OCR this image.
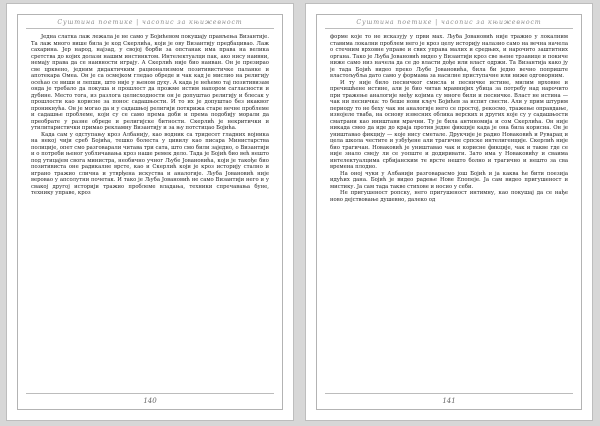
Суштина поетике | часопис за књижевност

Једна слатка лаж лежала је не само у Бојићевом покушају прављења Византије. Та лаж много више била је код Скерлића, који је ову Византију предбацивао. Лаж сахарина. Јер народ, најзад, у својој борби за опстанак има права на велика сретства до којих долази нашим инстинктом. Интелектуалци пак, ако нису наивни, немају права да се наивности играју. А Скерлић није био наиван. Он је презирао све црквено, једним дидактичким рационализмом позитивистичке паланке и апотекара Омеа. Он је са осмејком гледао обреде и чак кад је мислио на религију осећао се виши и лепши, што није у њеном духу. А када је нећемо таj позитивизам онда је требало да покуша и прошлост да прожме истим напором сагласности и дубине. Место тога, из разлога целисходности он је допуштао религију и блесак у прошлости као корисне за понос садашњости. И то их је допуштао без икаквог проникнућа. Он је могао да и у садашњој религији поткрижа старе вечне проблеме и садашње проблеме, који су се само према доби и према подобију морали да преобрате у разне обреде и религијске битности. Скерлић је некритички и утилитаристички примао рекламну Византију и за њу потстицао Бојића.

Када сам у одступању кроз Албанију, као водник са тридесет гладних војника на некој чији среб Бојића, тешко болеста у цивилу као писара Министарства полиције, опет смо разговарали читава три сата, што смо били заједно, о Византији и о потреби њеног уобличавања кроз наше ремек дело. Тада је Бојић био већ нешто под утицајем свога министра, необично учног Љубе Јовановића, који је такође био позитивиста оне радикалне врсте, као и Скерлић који је кроз историју стално и играно тражио слична и утврђена искуства и аналогије. Љуба Јовановић није веровао у апсолутни почетак. И тако је Љуба Јовановић не само Византији него и у свакој другој историји тражио проблеме владања, техники спречавања буне, технику управе, кроз

140
Суштина поетике | часопис за књижевност

форме које то не исказују у први мах. Љуба Јовановић није тражио у локалним ставима локални проблем него је кроз целу историју налазио само на вечна начела о стечним врховне управе и свих управа малих и средњих, и нарочито заштитних органа. Тако је Љуба Јовановић видео у Византији кроз све њене трзавице и покиче ниже само низ начела да се до власти дође или власт одржи. Та Византија како ју је тада Бојић видео преко Љубе Јовановића, била би једно вечно поприште властољубља дато само у формама за насилне приступачне или ниже одговорним.

И ту није било песничког смисла и песничке истине, милим врховне и пречишћене истине, али је био читав мрамнијих убица за потребу над нарочито при тражење аналогије међу којима су многе били и песничке. Власт не истина — чак ни песничка: то беше нови кључ Бојићев за испит свести. Али у прим штурим периоду то не беху чак ни аналогије него се простој, рекосмо, тражење оправдање, изнојеле тваба, на основу извесних облика верских и других које су у садашњости сматрани као иништави мрачни. Ту је била антиномија и сом Скерлића. Он није никада смео да иде до краја против једне фикције када је она била корисна. Он је уништавао фикцију — које нису сметале. Друкчије је радио Новаковић и Руварац и цела школа честите и узбуђене али трагичне српске интелигенције. Скерлић није био трагичан. Новаковић је уништавао чак и корисне фикције, чак и такве где се није знало смеју ли се уопште и додиривати. Зато има у Новаковићу и сваима интелектуалцима србијанским те врсте нешто болно и трагично и нешто за сва времена плодно.

На оној чуки у Албанији разговарасмо још Бојић и ја каква ће бити поезија идућих дана. Бојић је видео радење Нове Епопеје. Ја сам видео пригушеност и мистику. Ја сам тада такве стихове и носио у себи.

Не пригушеност ропску, него пригушеност интимну, као покушај да се нађе ново дејствовање душевно, далеко од

141
